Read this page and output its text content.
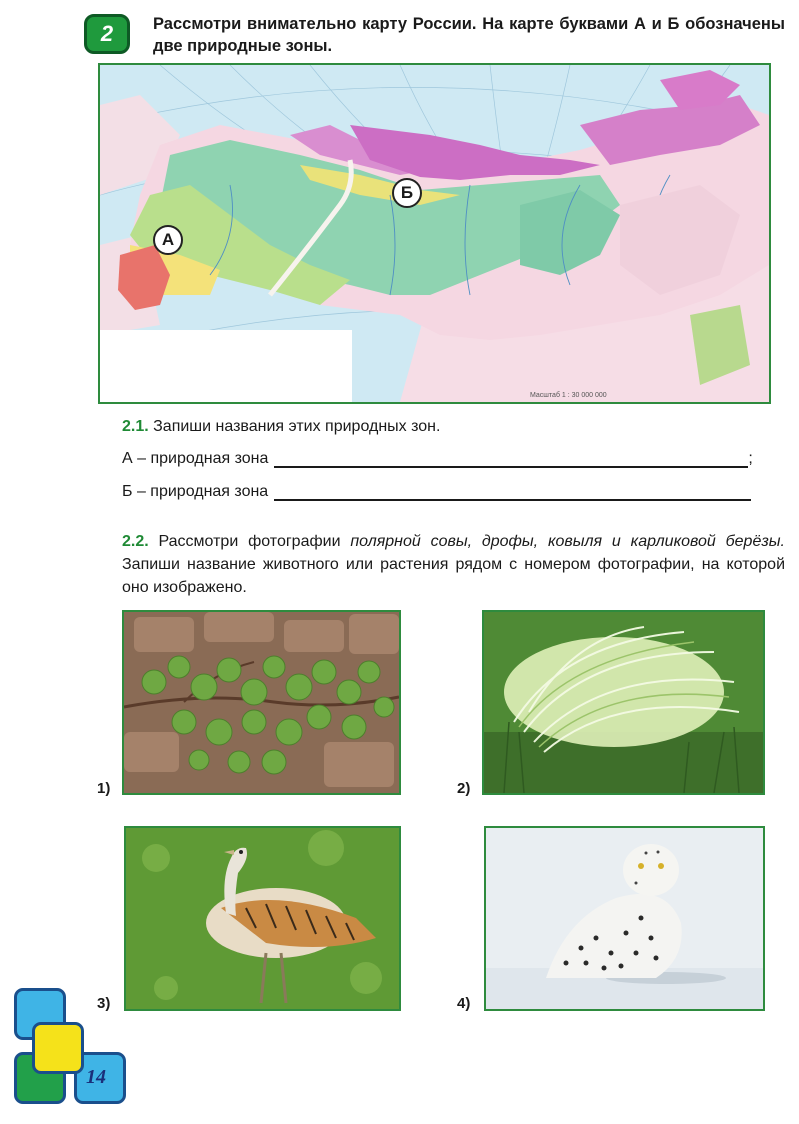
2	Рассмотри внимательно карту России. На карте буквами А и Б обозначены две природные зоны.
Масштаб 1 : 30 000 000
А
Б
2.1. Запиши названия этих природных зон.
А – природная зона	;
Б – природная зона
2.2. Рассмотри фотографии полярной совы, дрофы, ковыля и карликовой берёзы. Запиши название животного или растения рядом с номером фотографии, на которой оно изображено.
1)	2)
3)	4)
14
